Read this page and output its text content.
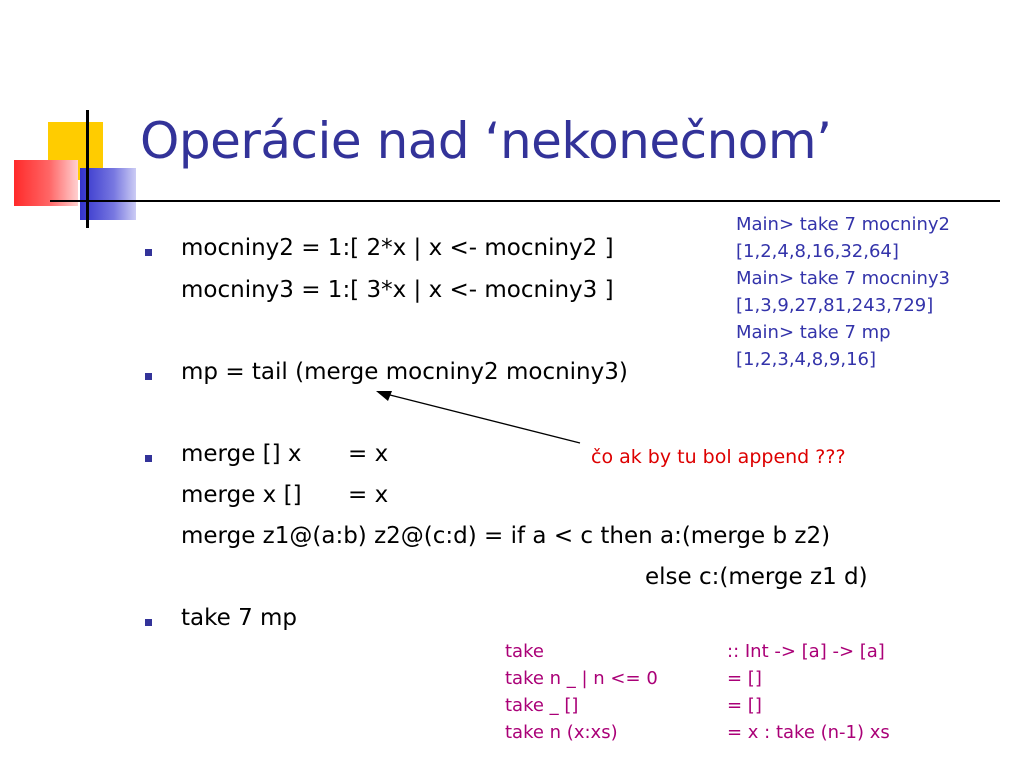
Operácie nad ‘nekonečnom’
mocniny2 = 1:[ 2*x | x <- mocniny2 ]
mocniny3 = 1:[ 3*x | x <- mocniny3 ]
mp = tail (merge mocniny2 mocniny3)
merge [] x = x
merge x [] = x
merge z1@(a:b) z2@(c:d) = if a < c then a:(merge b z2)
else c:(merge z1 d)
take 7 mp
Main> take 7 mocniny2
[1,2,4,8,16,32,64]
Main> take 7 mocniny3
[1,3,9,27,81,243,729]
Main> take 7 mp
[1,2,3,4,8,9,16]
čo ak by tu bol append ???
take
take n _ | n <= 0
take _ []
take n (x:xs)
:: Int -> [a] -> [a]
= []
= []
= x : take (n-1) xs
